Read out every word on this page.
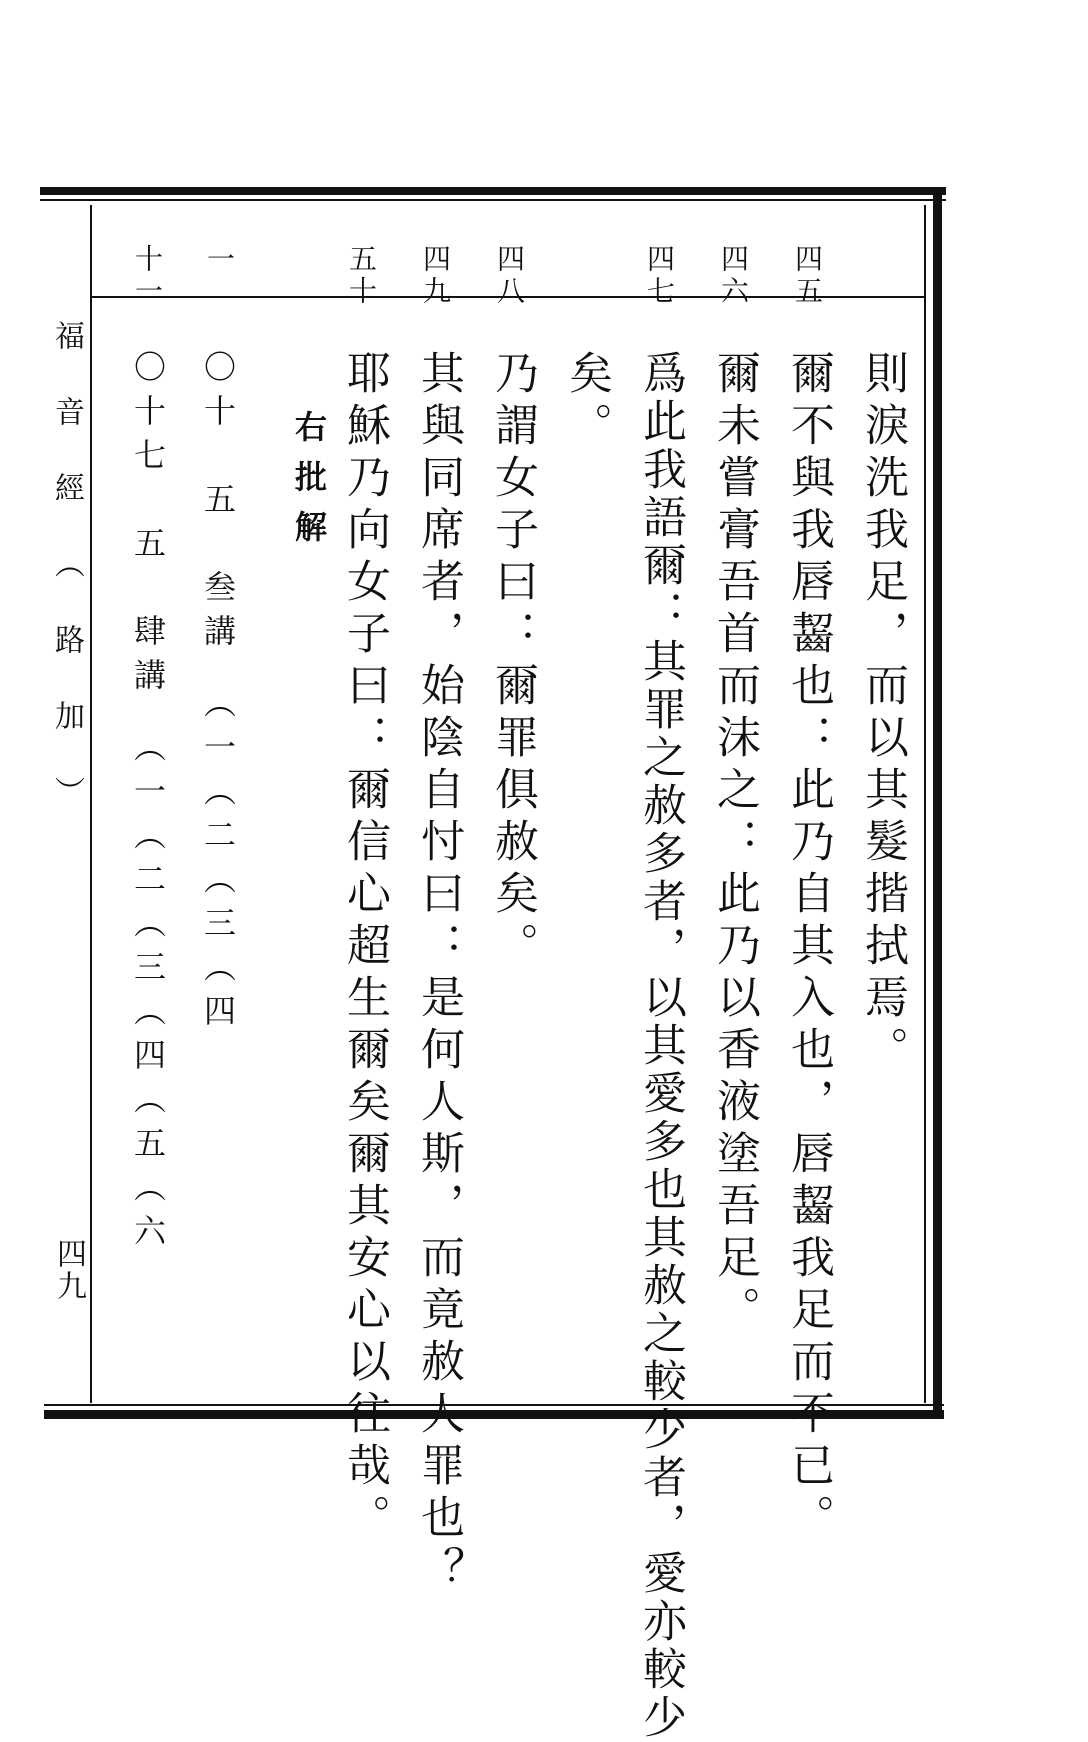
福音經（路加）
四九
四五
四六
四七
四八
四九
五十
一
十一
則淚洗我足，而以其髮揩拭焉。
爾不與我唇齧也：此乃自其入也，唇齧我足而不已。
爾未嘗膏吾首而沫之：此乃以香液塗吾足。
爲此我語爾：其罪之赦多者，以其愛多也其赦之較少者，愛亦較少
矣。
乃謂女子曰：爾罪俱赦矣。
其與同席者，始陰自忖曰：是何人斯，而竟赦人罪也？
耶穌乃向女子曰：爾信心超生爾矣爾其安心以往哉。
右批解
〇十　五　叁講　（一（二（三（四
〇十七　五　肆講　（一（二（三（四（五（六
